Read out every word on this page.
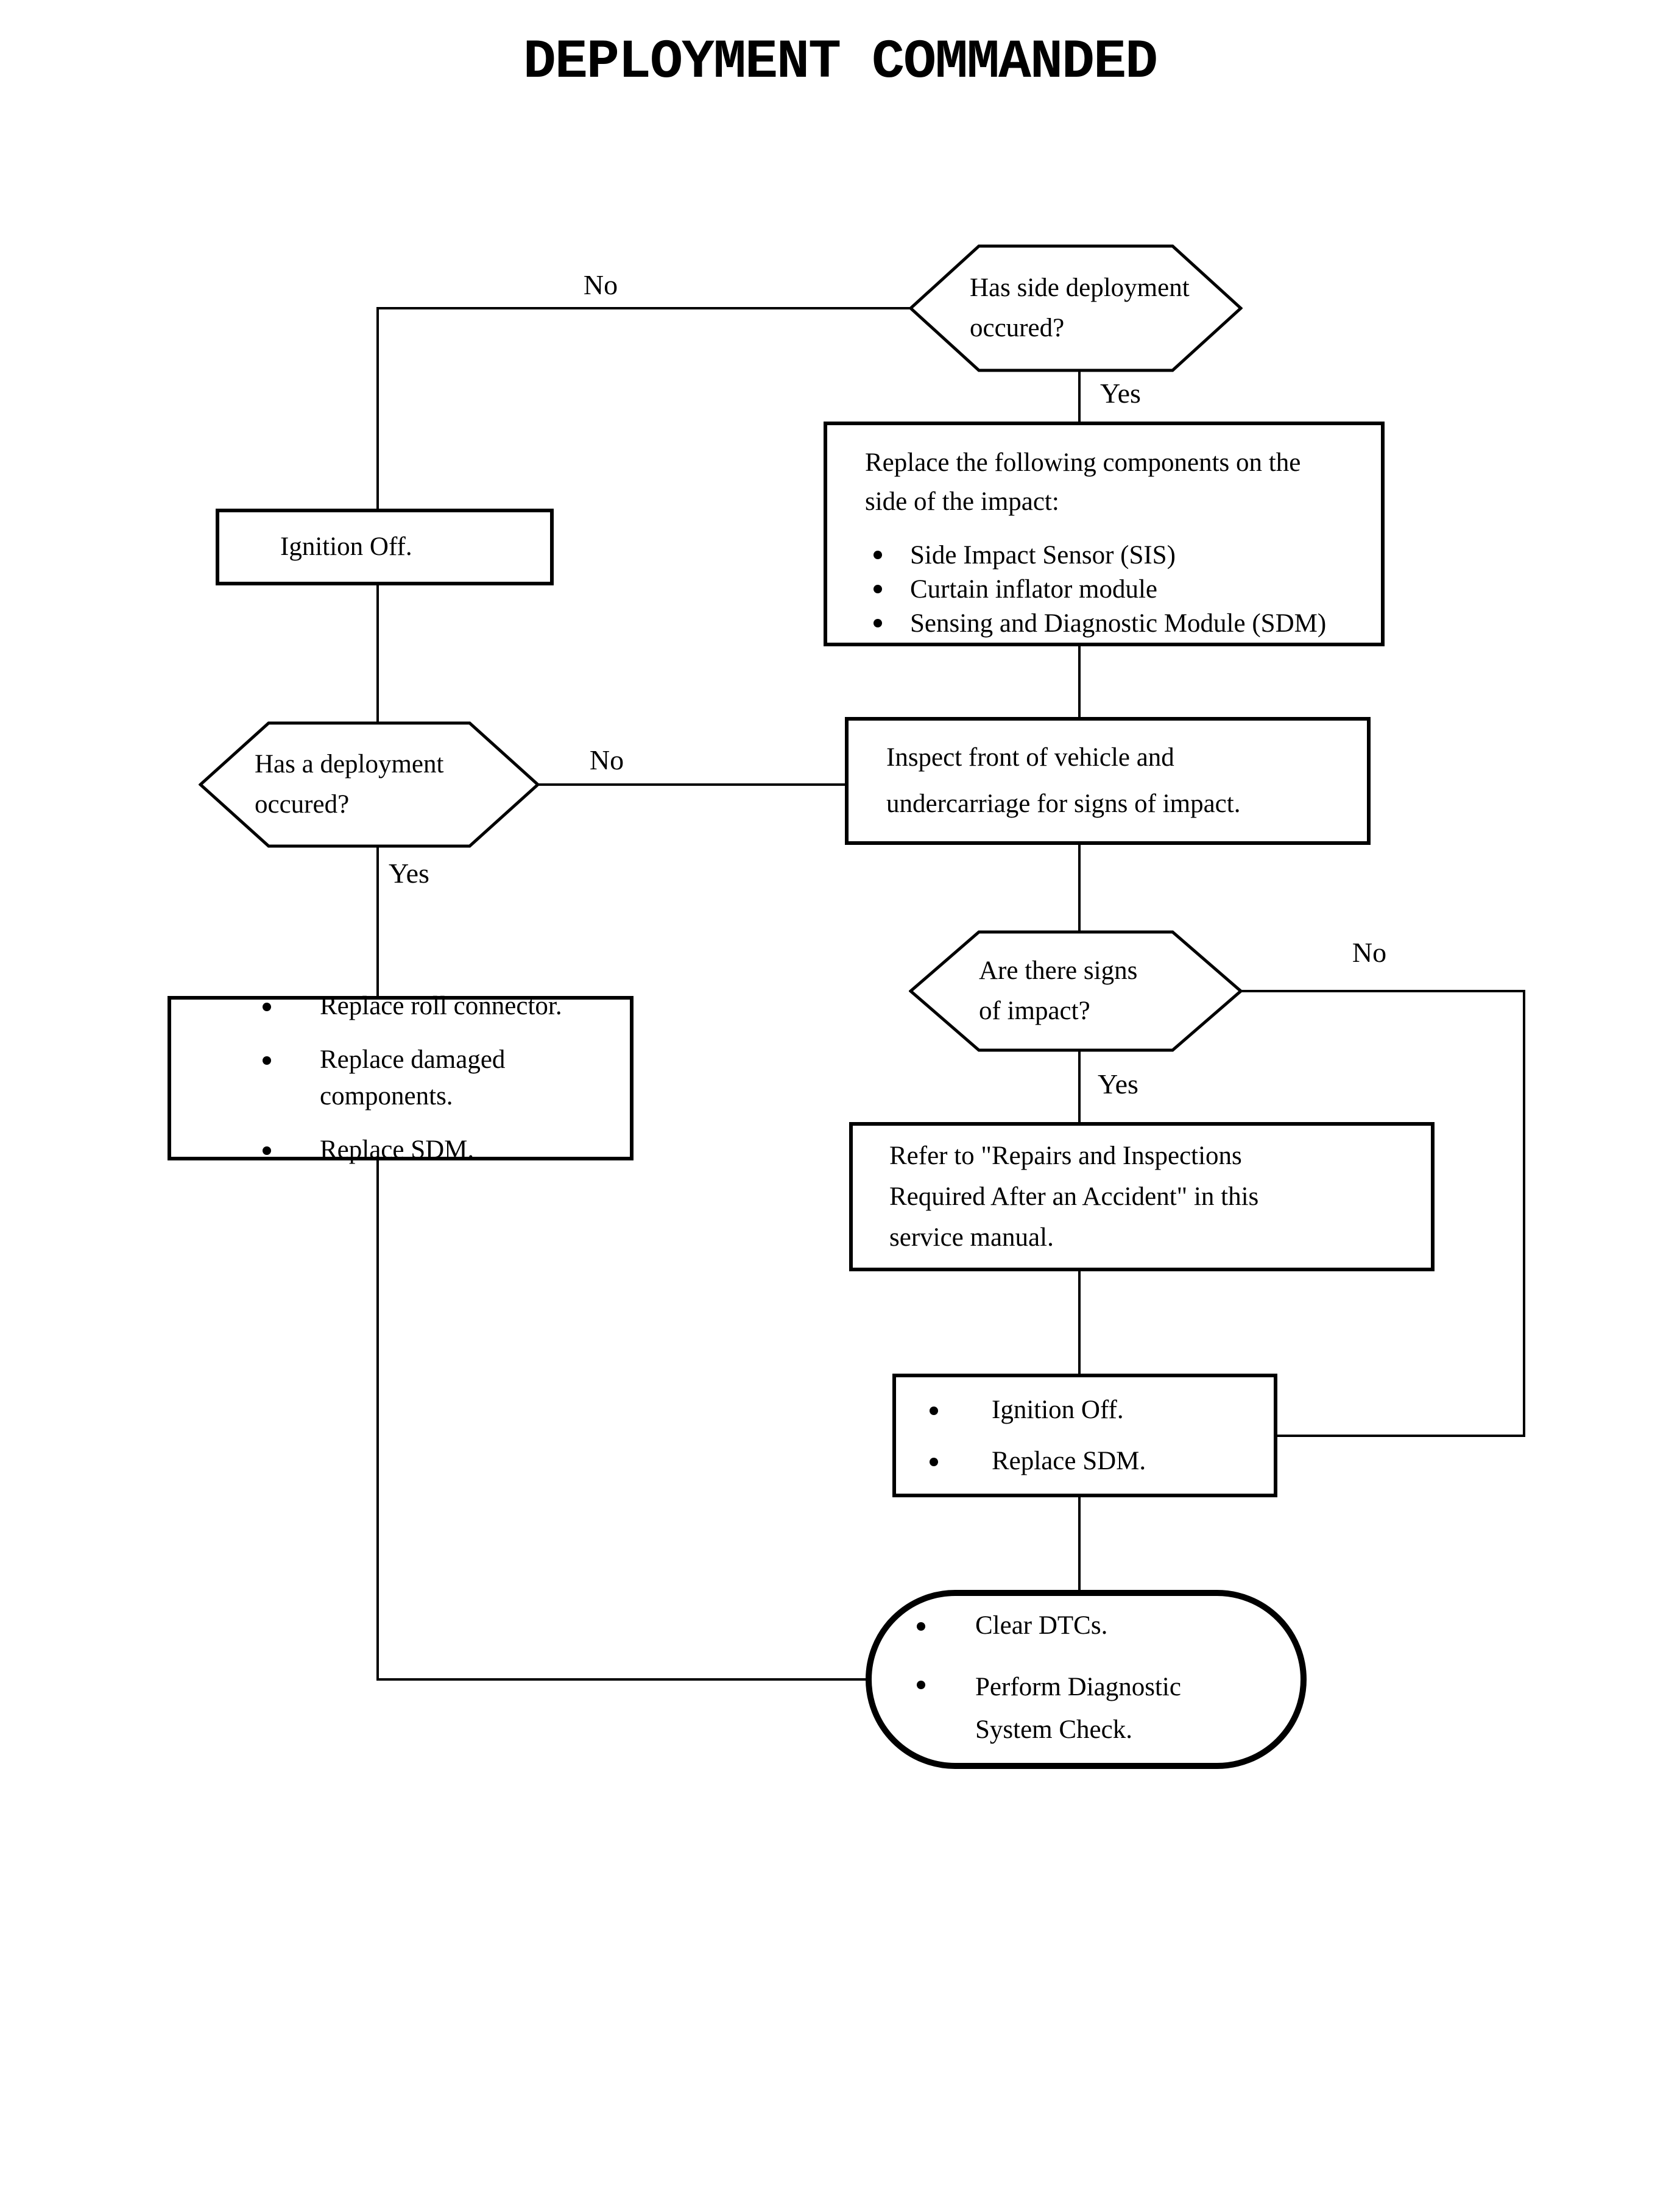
DEPLOYMENT COMMANDED
No
Yes
No
Yes
No
Yes
Has side deployment
occured?
Replace the following components on the
side of the impact:
Side Impact Sensor (SIS)
Curtain inflator module
Sensing and Diagnostic Module (SDM)
Ignition Off.
Has a deployment
occured?
Inspect front of vehicle and
undercarriage for signs of impact.
Are there signs
of impact?
Replace roll connector.
Replace damaged components.
Replace SDM.	Refer to "Repairs and Inspections
Required After an Accident" in this
service manual.
Ignition Off.
Replace SDM.
Clear DTCs.
Perform Diagnostic
System Check.
